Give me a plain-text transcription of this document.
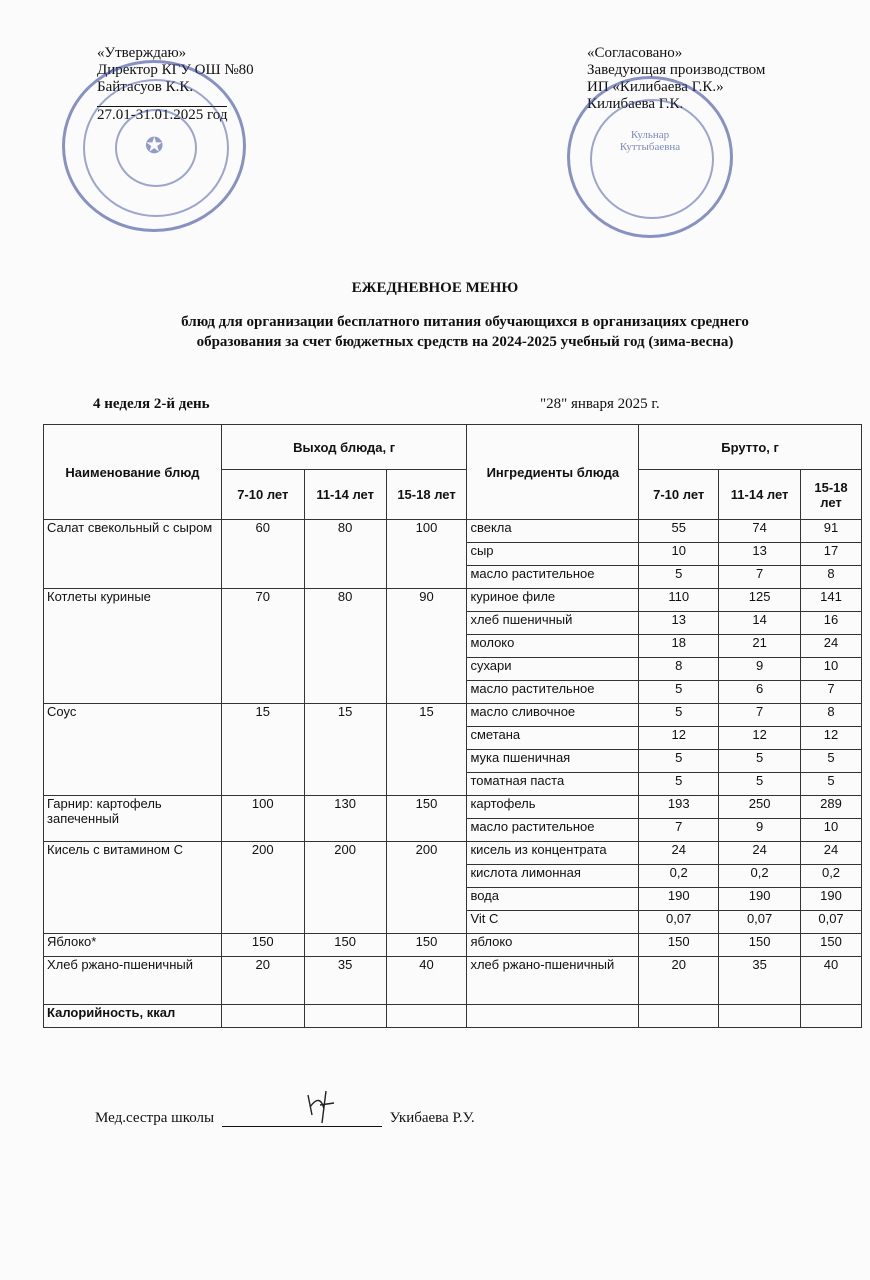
«Утверждаю»
Директор КГУ ОШ №80
Байтасуов К.К.
27.01-31.01.2025 год
✪
«Согласовано»
Заведующая производством
ИП «Килибаева Г.К.»
Килибаева Г.К.
Кульнар Куттыбаевна
ЕЖЕДНЕВНОЕ МЕНЮ
блюд для организации бесплатного питания обучающихся в организациях среднего
образования за счет бюджетных средств на 2024-2025 учебный год (зима-весна)
4 неделя 2-й день	"28" января 2025 г.
Наименование блюд	Выход блюда, г			Ингредиенты блюда	Брутто, г		
	7-10 лет	11-14 лет	15-18 лет		7-10 лет	11-14 лет	15-18 лет
Салат свекольный с сыром	60	80	100	свекла	55	74	91
				сыр	10	13	17
				масло растительное	5	7	8
Котлеты куриные	70	80	90	куриное филе	110	125	141
				хлеб пшеничный	13	14	16
				молоко	18	21	24
				сухари	8	9	10
				масло растительное	5	6	7
Соус	15	15	15	масло сливочное	5	7	8
				сметана	12	12	12
				мука пшеничная	5	5	5
				томатная паста	5	5	5
Гарнир: картофель запеченный	100	130	150	картофель	193	250	289
				масло растительное	7	9	10
Кисель с витамином С	200	200	200	кисель из концентрата	24	24	24
				кислота лимонная	0,2	0,2	0,2
				вода	190	190	190
				Vit C	0,07	0,07	0,07
Яблоко*	150	150	150	яблоко	150	150	150
Хлеб ржано-пшеничный	20	35	40	хлеб ржано-пшеничный	20	35	40
Калорийность, ккал							
Мед.сестра школы	Укибаева Р.У.
